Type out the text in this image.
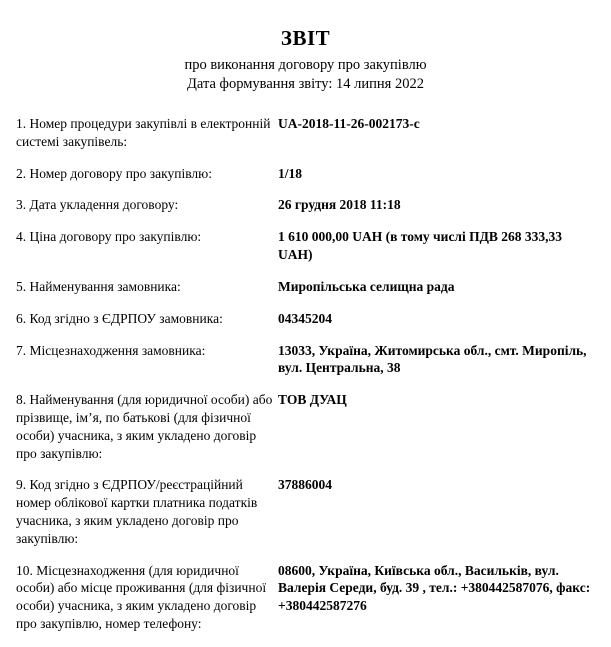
ЗВІТ
про виконання договору про закупівлю
Дата формування звіту: 14 липня 2022
1. Номер процедури закупівлі в електронній системі закупівель:	UA-2018-11-26-002173-с
2. Номер договору про закупівлю:	1/18
3. Дата укладення договору:	26 грудня 2018 11:18
4. Ціна договору про закупівлю:	1 610 000,00 UAH (в тому числі ПДВ 268 333,33 UAH)
5. Найменування замовника:	Миропільська селищна рада
6. Код згідно з ЄДРПОУ замовника:	04345204
7. Місцезнаходження замовника:	13033, Україна, Житомирська обл., смт. Миропіль, вул. Центральна, 38
8. Найменування (для юридичної особи) або прізвище, ім’я, по батькові (для фізичної особи) учасника, з яким укладено договір про закупівлю:	ТОВ ДУАЦ
9. Код згідно з ЄДРПОУ/реєстраційний номер облікової картки платника податків учасника, з яким укладено договір про закупівлю:	37886004
10. Місцезнаходження (для юридичної особи) або місце проживання (для фізичної особи) учасника, з яким укладено договір про закупівлю, номер телефону:	08600, Україна, Київська обл., Васильків, вул. Валерія Середи, буд. 39 , тел.: +380442587076, факс: +380442587276
